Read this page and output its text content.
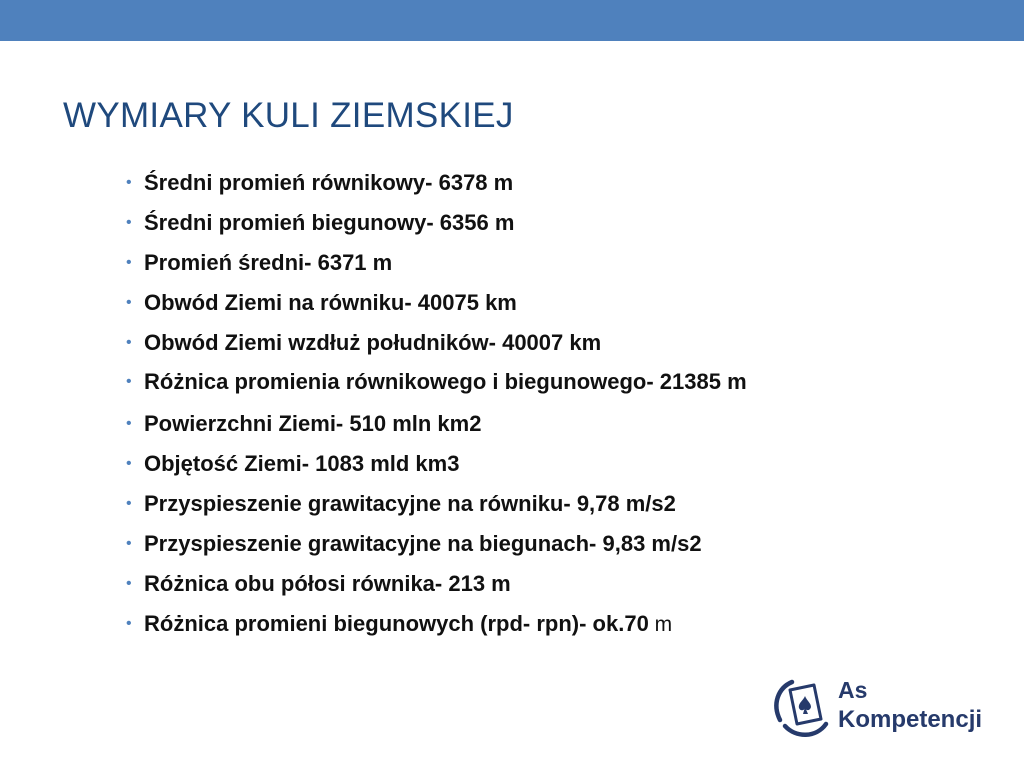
WYMIARY KULI ZIEMSKIEJ
• Średni promień równikowy- 6378 m
• Średni promień biegunowy- 6356 m
• Promień średni- 6371 m
• Obwód Ziemi na równiku- 40075 km
• Obwód Ziemi wzdłuż południków- 40007 km
• Różnica promienia równikowego i biegunowego- 21385 m
• Powierzchni Ziemi- 510 mln km2
• Objętość Ziemi- 1083 mld km3
• Przyspieszenie grawitacyjne na równiku- 9,78 m/s2
• Przyspieszenie grawitacyjne na biegunach- 9,83 m/s2
• Różnica obu półosi równika- 213 m
• Różnica promieni biegunowych (rpd- rpn)- ok.70 m
As
Kompetencji
